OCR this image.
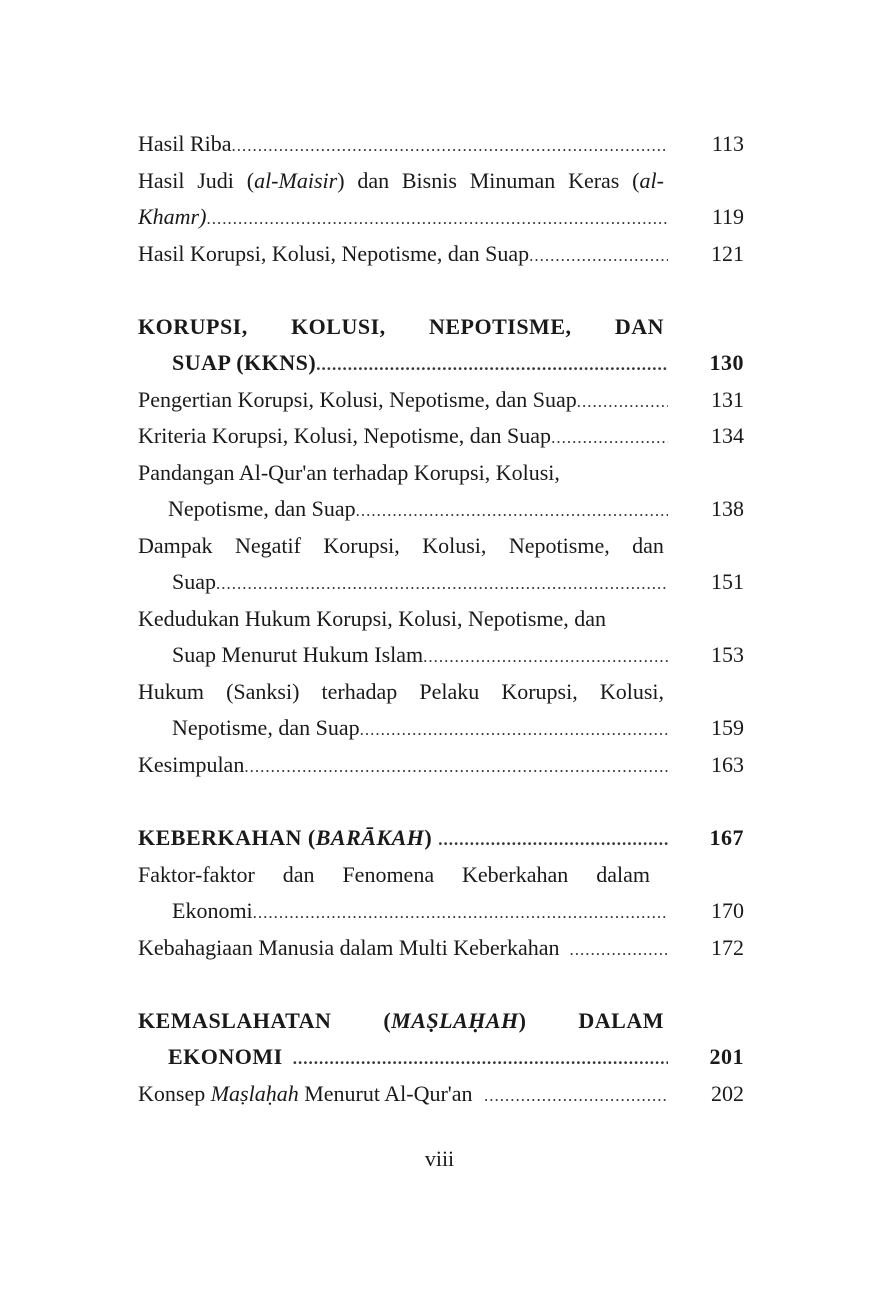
Hasil Riba .....	113
Hasil Judi (al-Maisir) dan Bisnis Minuman Keras (al-
Khamr) .....	119
Hasil Korupsi, Kolusi, Nepotisme, dan Suap .....	121
KORUPSI, KOLUSI, NEPOTISME, DAN
SUAP (KKNS) .....	130
Pengertian Korupsi, Kolusi, Nepotisme, dan Suap .....	131
Kriteria Korupsi, Kolusi, Nepotisme, dan Suap .....	134
Pandangan Al-Qur'an terhadap Korupsi, Kolusi,
Nepotisme, dan Suap .....	138
Dampak Negatif Korupsi, Kolusi, Nepotisme, dan
Suap .....	151
Kedudukan Hukum Korupsi, Kolusi, Nepotisme, dan
Suap Menurut Hukum Islam .....	153
Hukum (Sanksi) terhadap Pelaku Korupsi, Kolusi,
Nepotisme, dan Suap .....	159
Kesimpulan .....	163
KEBERKAHAN (BARĀKAH) .....	167
Faktor-faktor dan Fenomena Keberkahan dalam
Ekonomi .....	170
Kebahagiaan Manusia dalam Multi Keberkahan .....	172
KEMASLAHATAN (MAṢLAḤAH) DALAM
EKONOMI .....	201
Konsep Maṣlaḥah Menurut Al-Qur'an .....	202
viii
